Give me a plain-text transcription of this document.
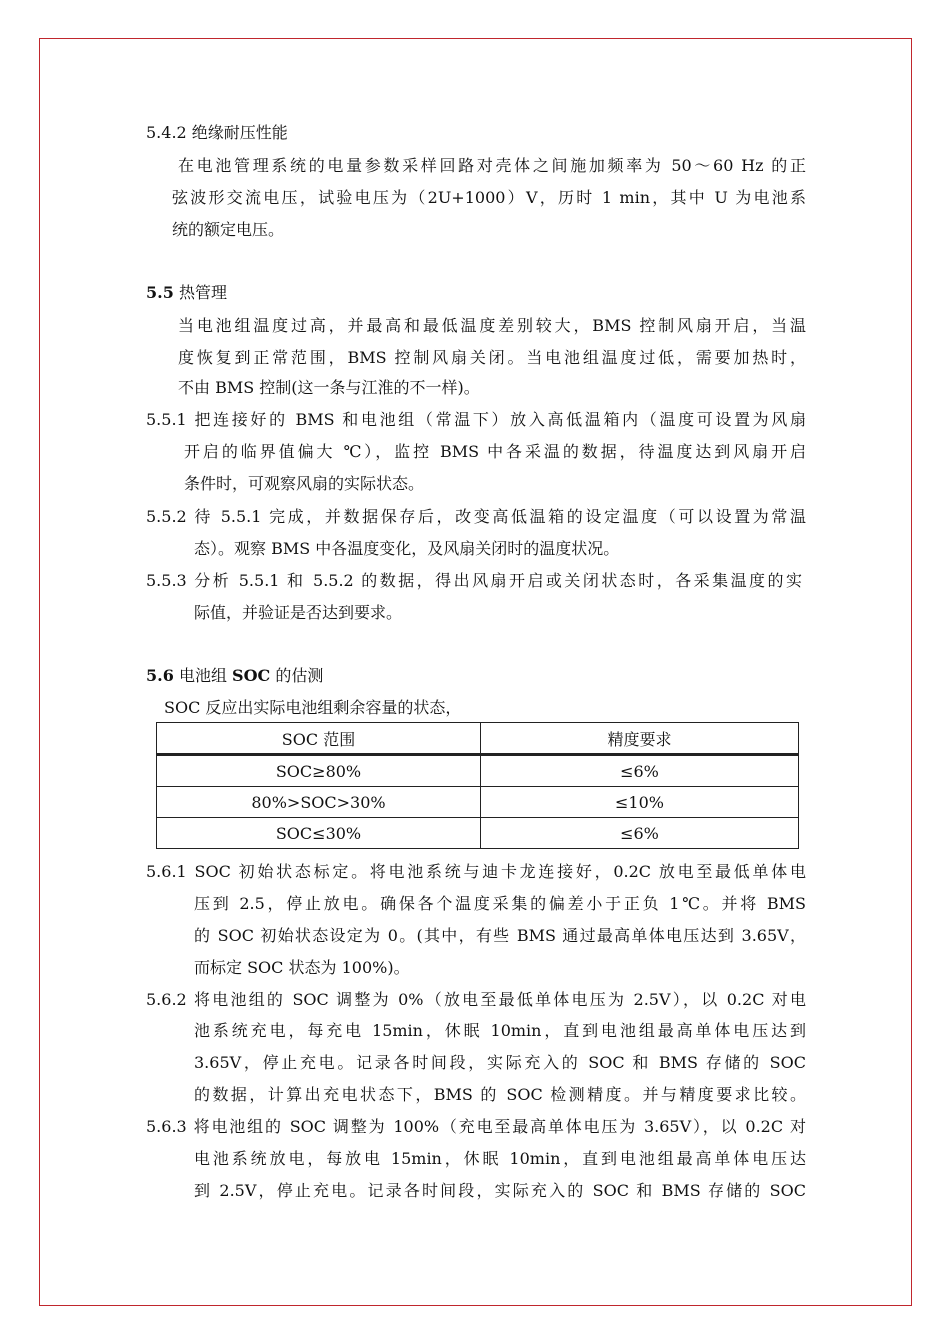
5.4.2 绝缘耐压性能
在电池管理系统的电量参数采样回路对壳体之间施加频率为 50～60 Hz 的正
弦波形交流电压，试验电压为（2U+1000）V，历时 1 min，其中 U 为电池系
统的额定电压。
5.5 热管理
当电池组温度过高，并最高和最低温度差别较大，BMS 控制风扇开启，当温
度恢复到正常范围，BMS 控制风扇关闭。当电池组温度过低，需要加热时，
不由 BMS 控制(这一条与江淮的不一样)。
5.5.1 把连接好的 BMS 和电池组（常温下）放入高低温箱内（温度可设置为风扇
开启的临界值偏大 ℃），监控 BMS 中各采温的数据，待温度达到风扇开启
条件时，可观察风扇的实际状态。
5.5.2 待 5.5.1 完成，并数据保存后，改变高低温箱的设定温度（可以设置为常温
态）。观察 BMS 中各温度变化，及风扇关闭时的温度状况。
5.5.3 分析 5.5.1 和 5.5.2 的数据，得出风扇开启或关闭状态时，各采集温度的实
际值，并验证是否达到要求。
5.6 电池组 SOC 的估测
SOC 反应出实际电池组剩余容量的状态，
SOC 范围	精度要求
SOC≥80%	≤6%
80%>SOC>30%	≤10%
SOC≤30%	≤6%
5.6.1 SOC 初始状态标定。将电池系统与迪卡龙连接好，0.2C 放电至最低单体电
压到 2.5，停止放电。确保各个温度采集的偏差小于正负 1℃。并将 BMS
的 SOC 初始状态设定为 0。(其中，有些 BMS 通过最高单体电压达到 3.65V，
而标定 SOC 状态为 100%)。
5.6.2 将电池组的 SOC 调整为 0%（放电至最低单体电压为 2.5V），以 0.2C 对电
池系统充电，每充电 15min，休眠 10min，直到电池组最高单体电压达到
3.65V，停止充电。记录各时间段，实际充入的 SOC 和 BMS 存储的 SOC
的数据，计算出充电状态下，BMS 的 SOC 检测精度。并与精度要求比较。
5.6.3 将电池组的 SOC 调整为 100%（充电至最高单体电压为 3.65V），以 0.2C 对
电池系统放电，每放电 15min，休眠 10min，直到电池组最高单体电压达
到 2.5V，停止充电。记录各时间段，实际充入的 SOC 和 BMS 存储的 SOC
